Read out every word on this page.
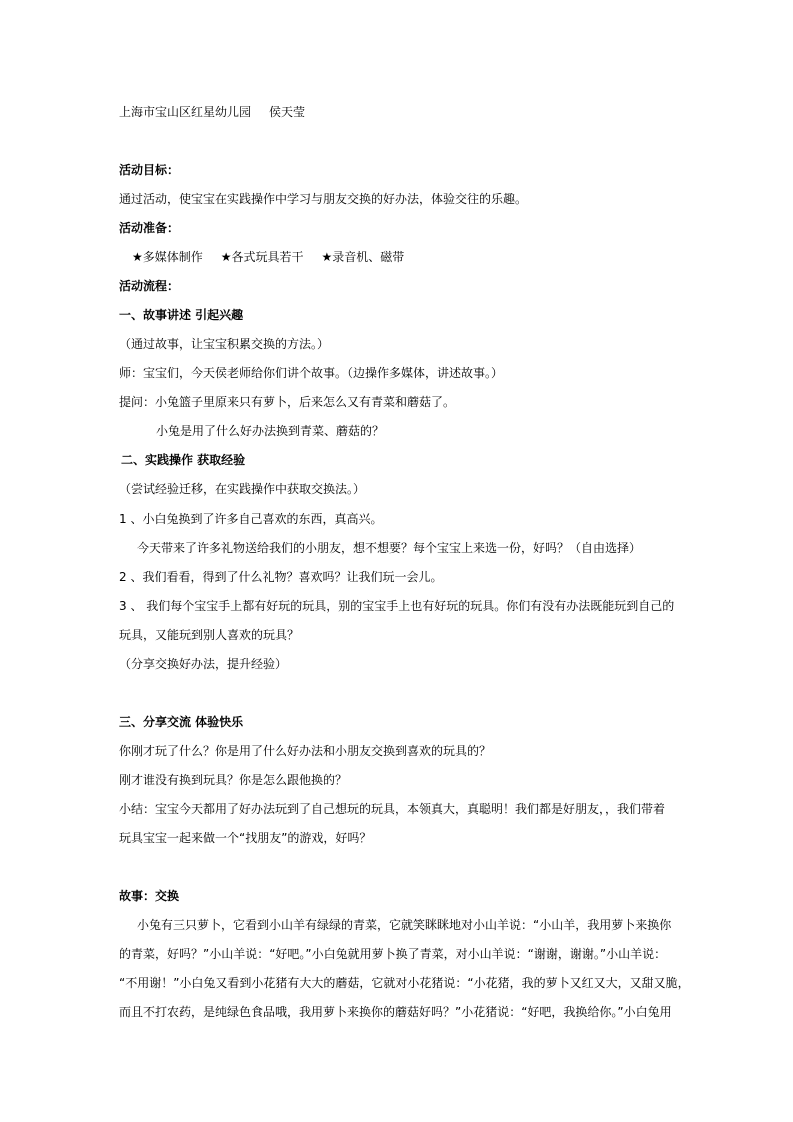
上海市宝山区红星幼儿园 侯天莹
活动目标：
通过活动，使宝宝在实践操作中学习与朋友交换的好办法，体验交往的乐趣。
活动准备：
★多媒体制作 ★各式玩具若干 ★录音机、磁带
活动流程：
一、故事讲述 引起兴趣
（通过故事，让宝宝积累交换的方法。）
师：宝宝们，今天侯老师给你们讲个故事。（边操作多媒体，讲述故事。）
提问：小兔篮子里原来只有萝卜，后来怎么又有青菜和蘑菇了。
小兔是用了什么好办法换到青菜、蘑菇的？
二、实践操作 获取经验
（尝试经验迁移，在实践操作中获取交换法。）
1 、小白兔换到了许多自己喜欢的东西，真高兴。
今天带来了许多礼物送给我们的小朋友，想不想要？每个宝宝上来选一份，好吗？（自由选择）
2 、我们看看，得到了什么礼物？喜欢吗？让我们玩一会儿。
3 、 我们每个宝宝手上都有好玩的玩具，别的宝宝手上也有好玩的玩具。你们有没有办法既能玩到自己的
玩具，又能玩到别人喜欢的玩具？
（分享交换好办法，提升经验）
三、分享交流 体验快乐
你刚才玩了什么？你是用了什么好办法和小朋友交换到喜欢的玩具的？
刚才谁没有换到玩具？你是怎么跟他换的？
小结：宝宝今天都用了好办法玩到了自己想玩的玩具，本领真大，真聪明！我们都是好朋友，，我们带着
玩具宝宝一起来做一个“找朋友”的游戏，好吗？
故事：交换
小兔有三只萝卜，它看到小山羊有绿绿的青菜，它就笑眯眯地对小山羊说：“小山羊，我用萝卜来换你
的青菜，好吗？”小山羊说：“好吧。”小白兔就用萝卜换了青菜，对小山羊说：“谢谢，谢谢。”小山羊说：
“不用谢！”小白兔又看到小花猪有大大的蘑菇，它就对小花猪说：“小花猪，我的萝卜又红又大，又甜又脆，
而且不打农药，是纯绿色食品哦，我用萝卜来换你的蘑菇好吗？”小花猪说：“好吧，我换给你。”小白兔用
